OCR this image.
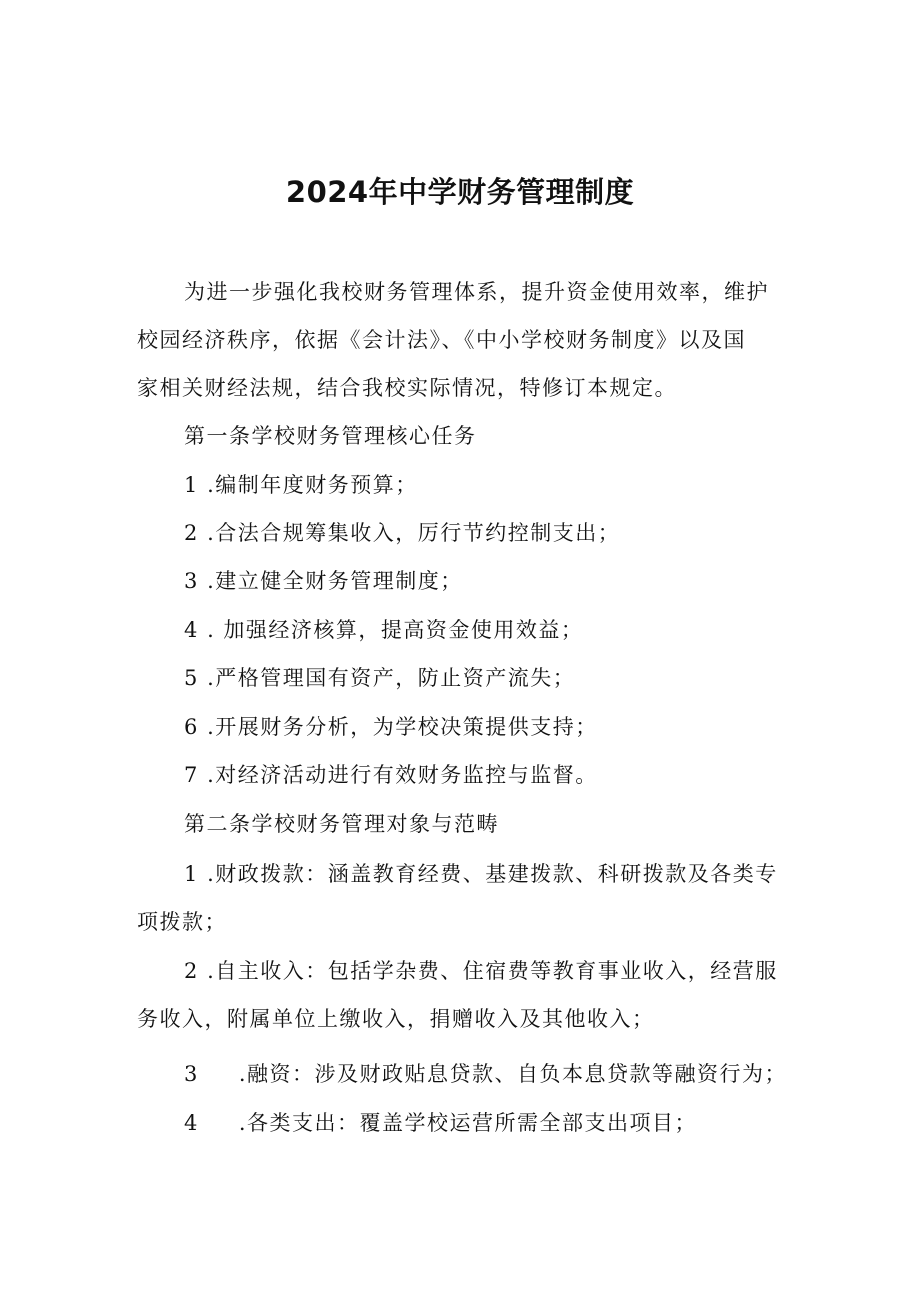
2024年中学财务管理制度

为进一步强化我校财务管理体系，提升资金使用效率，维护
校园经济秩序，依据《会计法》、《中小学校财务制度》以及国
家相关财经法规，结合我校实际情况，特修订本规定。

第一条学校财务管理核心任务

1 .编制年度财务预算；

2 .合法合规筹集收入，厉行节约控制支出；

3 .建立健全财务管理制度；

4 . 加强经济核算，提高资金使用效益；

5 .严格管理国有资产，防止资产流失；

6 .开展财务分析，为学校决策提供支持；

7 .对经济活动进行有效财务监控与监督。

第二条学校财务管理对象与范畴

1 .财政拨款：涵盖教育经费、基建拨款、科研拨款及各类专
项拨款；

2 .自主收入：包括学杂费、住宿费等教育事业收入，经营服
务收入，附属单位上缴收入，捐赠收入及其他收入；

3 .融资：涉及财政贴息贷款、自负本息贷款等融资行为；

4 .各类支出：覆盖学校运营所需全部支出项目；
